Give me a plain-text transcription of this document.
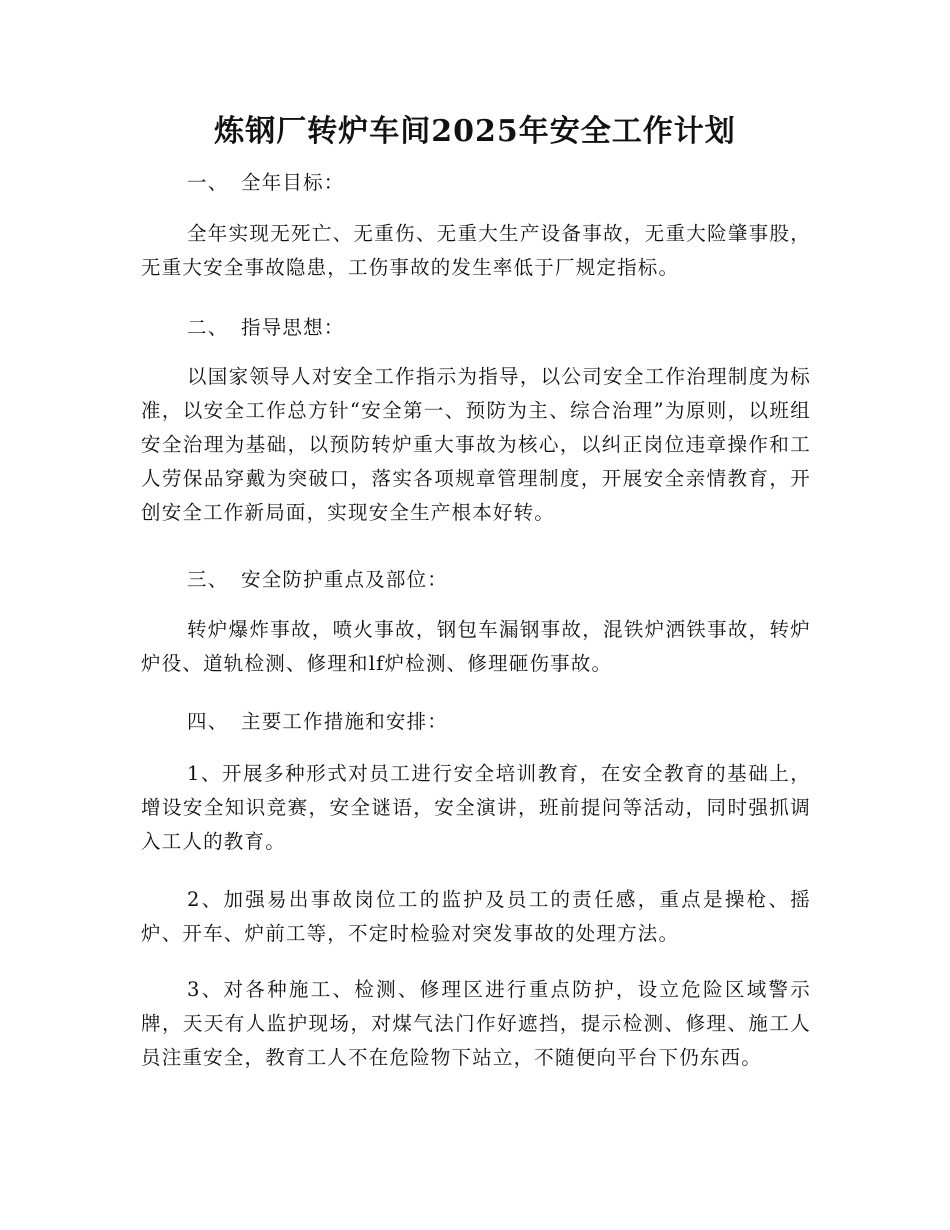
炼钢厂转炉车间2025年安全工作计划
一、 全年目标：

全年实现无死亡、无重伤、无重大生产设备事故，无重大险肇事股，无重大安全事故隐患，工伤事故的发生率低于厂规定指标。

二、 指导思想：

以国家领导人对安全工作指示为指导，以公司安全工作治理制度为标准，以安全工作总方针“安全第一、预防为主、综合治理”为原则，以班组安全治理为基础，以预防转炉重大事故为核心，以纠正岗位违章操作和工人劳保品穿戴为突破口，落实各项规章管理制度，开展安全亲情教育，开创安全工作新局面，实现安全生产根本好转。

三、 安全防护重点及部位：

转炉爆炸事故，喷火事故，钢包车漏钢事故，混铁炉洒铁事故，转炉炉役、道轨检测、修理和lf炉检测、修理砸伤事故。

四、 主要工作措施和安排：

1、开展多种形式对员工进行安全培训教育，在安全教育的基础上，增设安全知识竞赛，安全谜语，安全演讲，班前提问等活动，同时强抓调入工人的教育。

2、加强易出事故岗位工的监护及员工的责任感，重点是操枪、摇炉、开车、炉前工等，不定时检验对突发事故的处理方法。

3、对各种施工、检测、修理区进行重点防护，设立危险区域警示牌，天天有人监护现场，对煤气法门作好遮挡，提示检测、修理、施工人员注重安全，教育工人不在危险物下站立，不随便向平台下仍东西。
